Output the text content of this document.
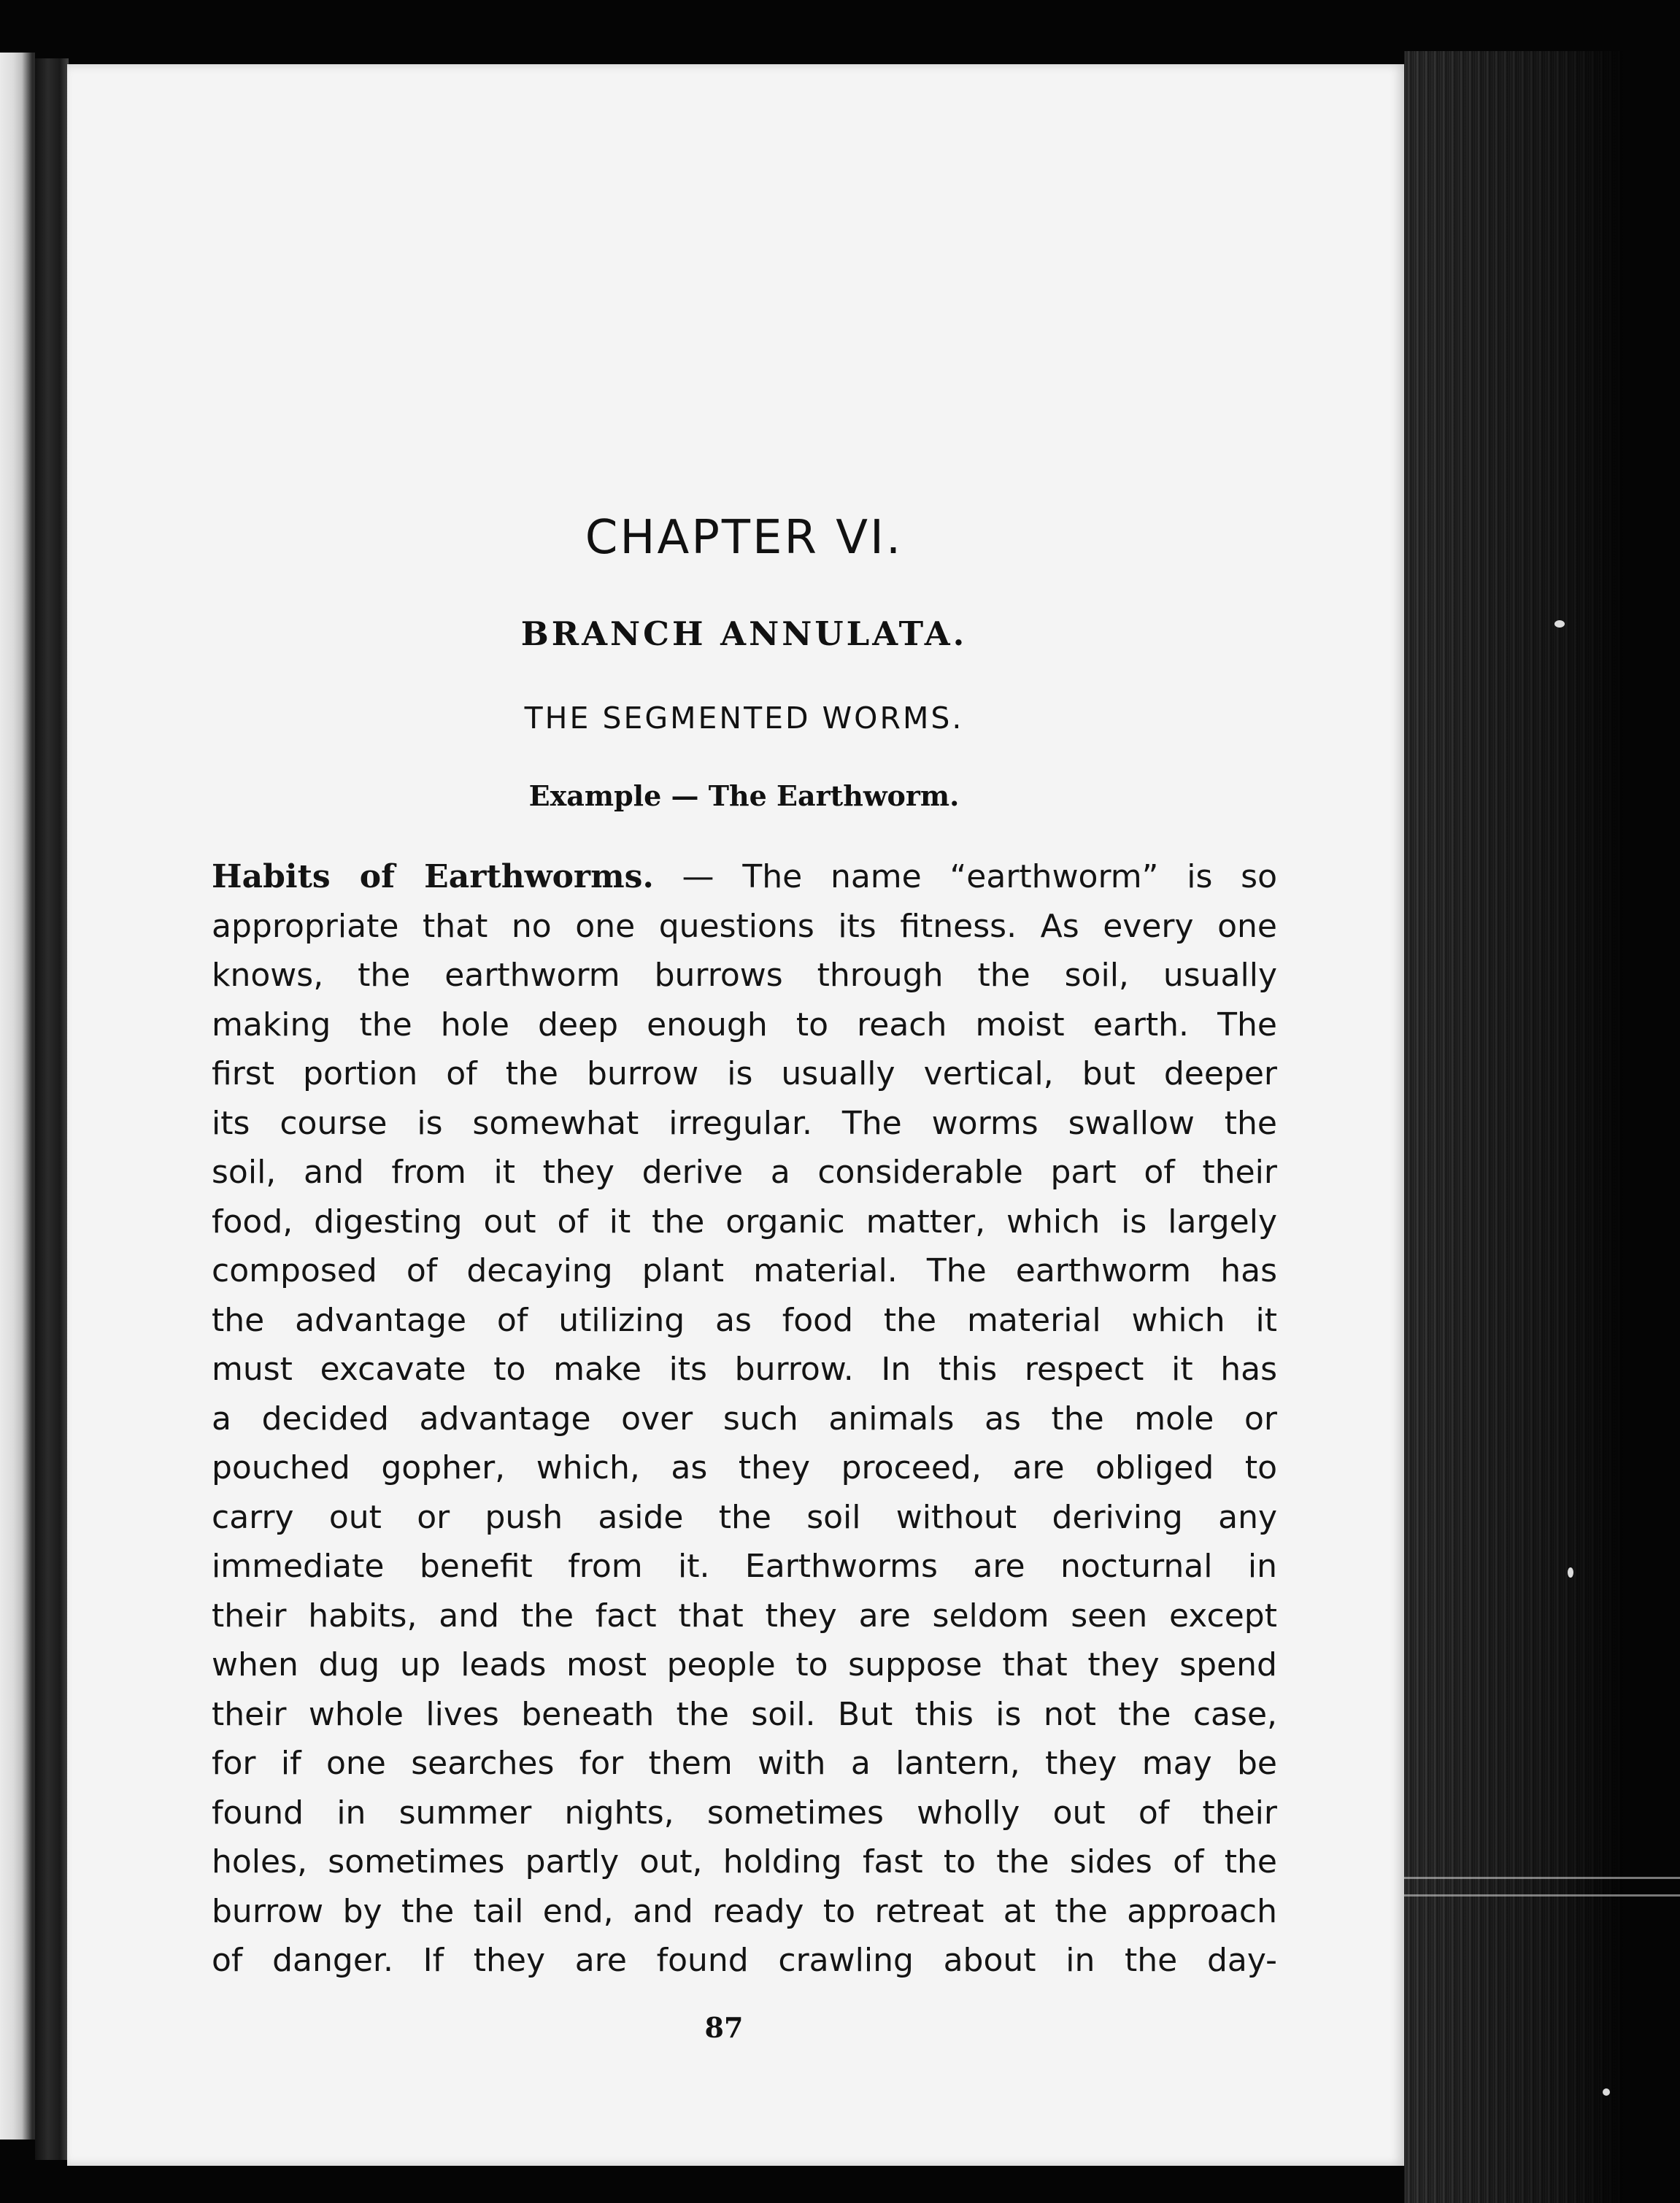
CHAPTER VI.
BRANCH ANNULATA.
THE SEGMENTED WORMS.
Example — The Earthworm.
Habits of Earthworms. — The name “earthworm” is so
appropriate that no one questions its fitness. As every one
knows, the earthworm burrows through the soil, usually
making the hole deep enough to reach moist earth. The
first portion of the burrow is usually vertical, but deeper
its course is somewhat irregular. The worms swallow the
soil, and from it they derive a considerable part of their
food, digesting out of it the organic matter, which is largely
composed of decaying plant material. The earthworm has
the advantage of utilizing as food the material which it
must excavate to make its burrow. In this respect it has
a decided advantage over such animals as the mole or
pouched gopher, which, as they proceed, are obliged to
carry out or push aside the soil without deriving any
immediate benefit from it. Earthworms are nocturnal in
their habits, and the fact that they are seldom seen except
when dug up leads most people to suppose that they spend
their whole lives beneath the soil. But this is not the case,
for if one searches for them with a lantern, they may be
found in summer nights, sometimes wholly out of their
holes, sometimes partly out, holding fast to the sides of the
burrow by the tail end, and ready to retreat at the approach
of danger. If they are found crawling about in the day-
87
